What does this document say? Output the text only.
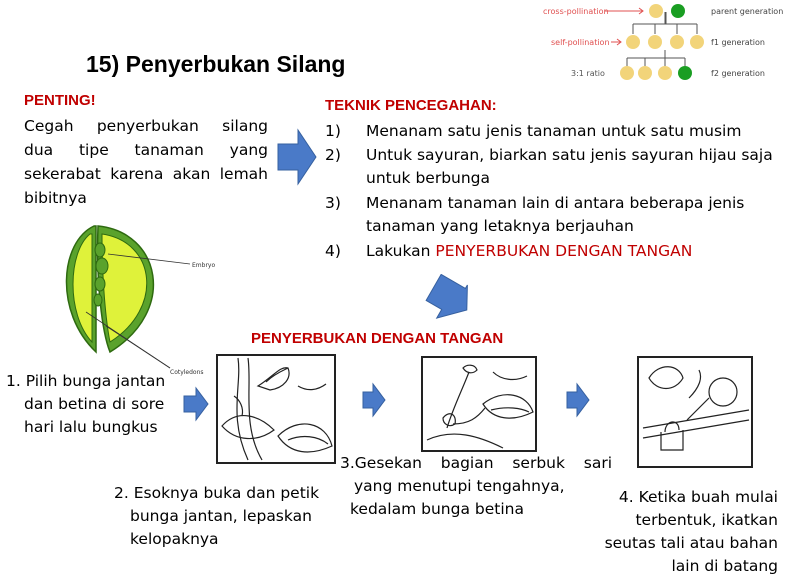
15) Penyerbukan Silang
cross-pollination
self-pollination
3:1 ratio
parent generation
f1 generation
f2 generation
PENTING!
Cegah penyerbukan silang
dua tipe tanaman yang
sekerabat karena akan lemah
bibitnya
TEKNIK PENCEGAHAN:
1) Menanam satu jenis tanaman untuk satu musim
2) Untuk sayuran, biarkan satu jenis sayuran hijau saja
untuk berbunga
3) Menanam tanaman lain di antara beberapa jenis
tanaman yang letaknya berjauhan
4) Lakukan PENYERBUKAN DENGAN TANGAN
Embryo
Cotyledons
PENYERBUKAN DENGAN TANGAN
1. Pilih bunga jantan
dan betina di sore
hari lalu bungkus
2. Esoknya buka dan petik
bunga jantan, lepaskan
kelopaknya
3.Gesekan bagian serbuk sari
yang menutupi tengahnya,
kedalam bunga betina
4. Ketika buah mulai
terbentuk, ikatkan
seutas tali atau bahan
lain di batang
